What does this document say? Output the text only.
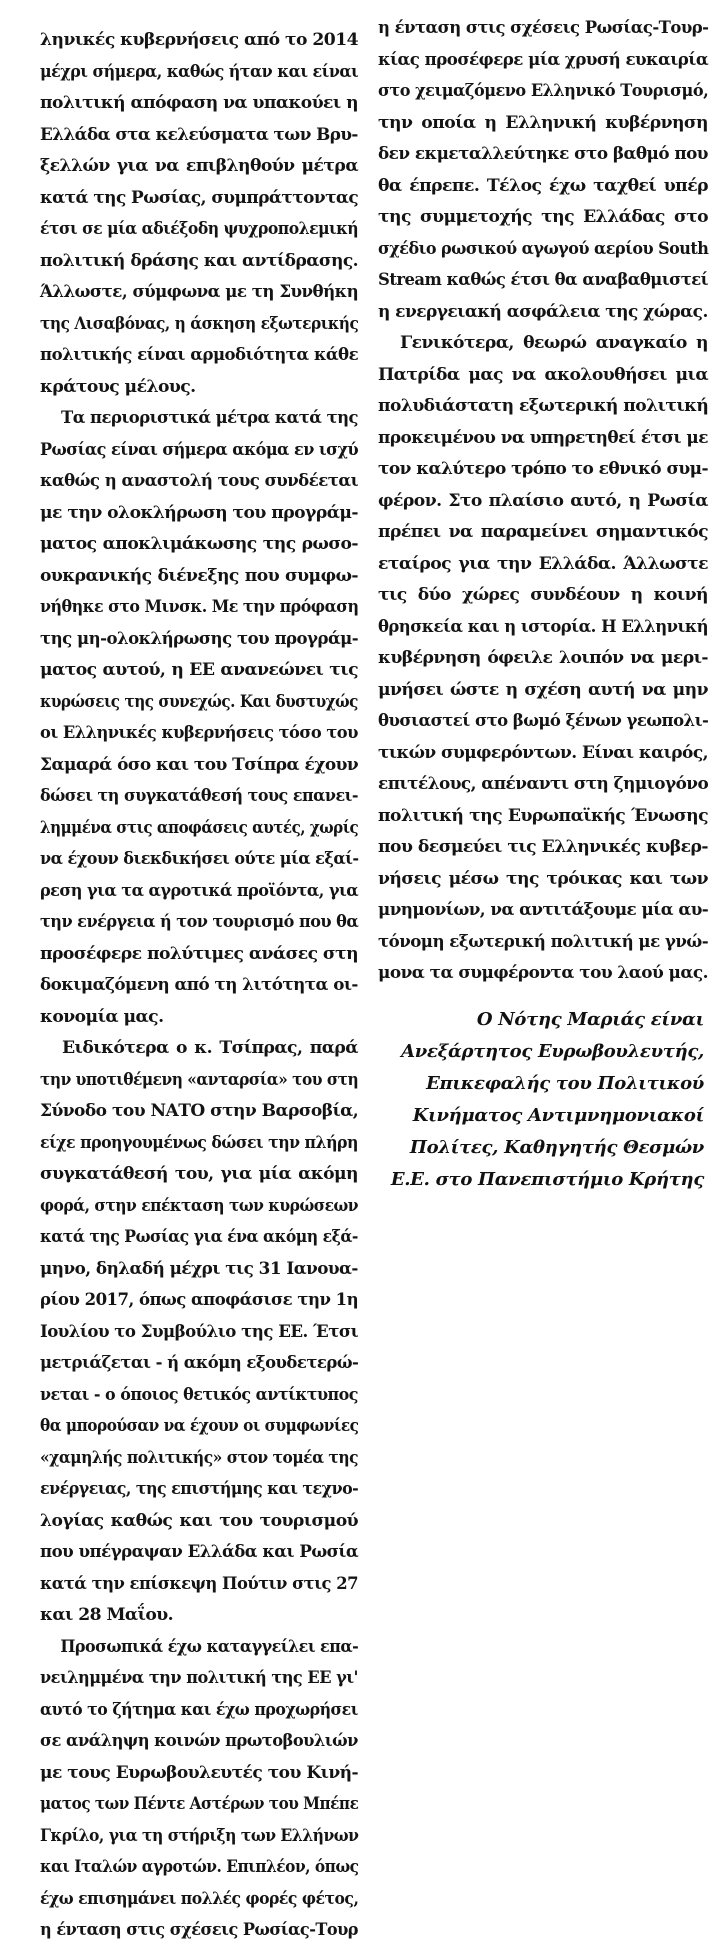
ληνικές κυβερνήσεις από το 2014
μέχρι σήμερα, καθώς ήταν και είναι
πολιτική απόφαση να υπακούει η
Ελλάδα στα κελεύσματα των Βρυ-
ξελλών για να επιβληθούν μέτρα
κατά της Ρωσίας, συμπράττοντας
έτσι σε μία αδιέξοδη ψυχροπολεμική
πολιτική δράσης και αντίδρασης.
Άλλωστε, σύμφωνα με τη Συνθήκη
της Λισαβόνας, η άσκηση εξωτερικής
πολιτικής είναι αρμοδιότητα κάθε
κράτους μέλους.
Τα περιοριστικά μέτρα κατά της
Ρωσίας είναι σήμερα ακόμα εν ισχύ
καθώς η αναστολή τους συνδέεται
με την ολοκλήρωση του προγράμ-
ματος αποκλιμάκωσης της ρωσο-
ουκρανικής διένεξης που συμφω-
νήθηκε στο Μινσκ. Με την πρόφαση
της μη-ολοκλήρωσης του προγράμ-
ματος αυτού, η ΕΕ ανανεώνει τις
κυρώσεις της συνεχώς. Και δυστυχώς
οι Ελληνικές κυβερνήσεις τόσο του
Σαμαρά όσο και του Τσίπρα έχουν
δώσει τη συγκατάθεσή τους επανει-
λημμένα στις αποφάσεις αυτές, χωρίς
να έχουν διεκδικήσει ούτε μία εξαί-
ρεση για τα αγροτικά προϊόντα, για
την ενέργεια ή τον τουρισμό που θα
προσέφερε πολύτιμες ανάσες στη
δοκιμαζόμενη από τη λιτότητα οι-
κονομία μας.
Ειδικότερα ο κ. Τσίπρας, παρά
την υποτιθέμενη «ανταρσία» του στη
Σύνοδο του ΝΑΤΟ στην Βαρσοβία,
είχε προηγουμένως δώσει την πλήρη
συγκατάθεσή του, για μία ακόμη
φορά, στην επέκταση των κυρώσεων
κατά της Ρωσίας για ένα ακόμη εξά-
μηνο, δηλαδή μέχρι τις 31 Ιανουα-
ρίου 2017, όπως αποφάσισε την 1η
Ιουλίου το Συμβούλιο της ΕΕ. Έτσι
μετριάζεται - ή ακόμη εξουδετερώ-
νεται - ο όποιος θετικός αντίκτυπος
θα μπορούσαν να έχουν οι συμφωνίες
«χαμηλής πολιτικής» στον τομέα της
ενέργειας, της επιστήμης και τεχνο-
λογίας καθώς και του τουρισμού
που υπέγραψαν Ελλάδα και Ρωσία
κατά την επίσκεψη Πούτιν στις 27
και 28 Μαΐου.
Προσωπικά έχω καταγγείλει επα-
νειλημμένα την πολιτική της ΕΕ γι'
αυτό το ζήτημα και έχω προχωρήσει
σε ανάληψη κοινών πρωτοβουλιών
με τους Ευρωβουλευτές του Κινή-
ματος των Πέντε Αστέρων του Μπέπε
Γκρίλο, για τη στήριξη των Ελλήνων
και Ιταλών αγροτών. Επιπλέον, όπως
έχω επισημάνει πολλές φορές φέτος,
η ένταση στις σχέσεις Ρωσίας-Τουρ
η ένταση στις σχέσεις Ρωσίας-Τουρ-
κίας προσέφερε μία χρυσή ευκαιρία
στο χειμαζόμενο Ελληνικό Τουρισμό,
την οποία η Ελληνική κυβέρνηση
δεν εκμεταλλεύτηκε στο βαθμό που
θα έπρεπε. Τέλος έχω ταχθεί υπέρ
της συμμετοχής της Ελλάδας στο
σχέδιο ρωσικού αγωγού αερίου South
Stream καθώς έτσι θα αναβαθμιστεί
η ενεργειακή ασφάλεια της χώρας.
Γενικότερα, θεωρώ αναγκαίο η
Πατρίδα μας να ακολουθήσει μια
πολυδιάστατη εξωτερική πολιτική
προκειμένου να υπηρετηθεί έτσι με
τον καλύτερο τρόπο το εθνικό συμ-
φέρον. Στο πλαίσιο αυτό, η Ρωσία
πρέπει να παραμείνει σημαντικός
εταίρος για την Ελλάδα. Άλλωστε
τις δύο χώρες συνδέουν η κοινή
θρησκεία και η ιστορία. Η Ελληνική
κυβέρνηση όφειλε λοιπόν να μερι-
μνήσει ώστε η σχέση αυτή να μην
θυσιαστεί στο βωμό ξένων γεωπολι-
τικών συμφερόντων. Είναι καιρός,
επιτέλους, απέναντι στη ζημιογόνο
πολιτική της Ευρωπαϊκής Ένωσης
που δεσμεύει τις Ελληνικές κυβερ-
νήσεις μέσω της τρόικας και των
μνημονίων, να αντιτάξουμε μία αυ-
τόνομη εξωτερική πολιτική με γνώ-
μονα τα συμφέροντα του λαού μας.
Ο Νότης Μαριάς είναι
Ανεξάρτητος Ευρωβουλευτής,
Επικεφαλής του Πολιτικού
Κινήματος Αντιμνημονιακοί
Πολίτες, Καθηγητής Θεσμών
Ε.Ε. στο Πανεπιστήμιο Κρήτης
